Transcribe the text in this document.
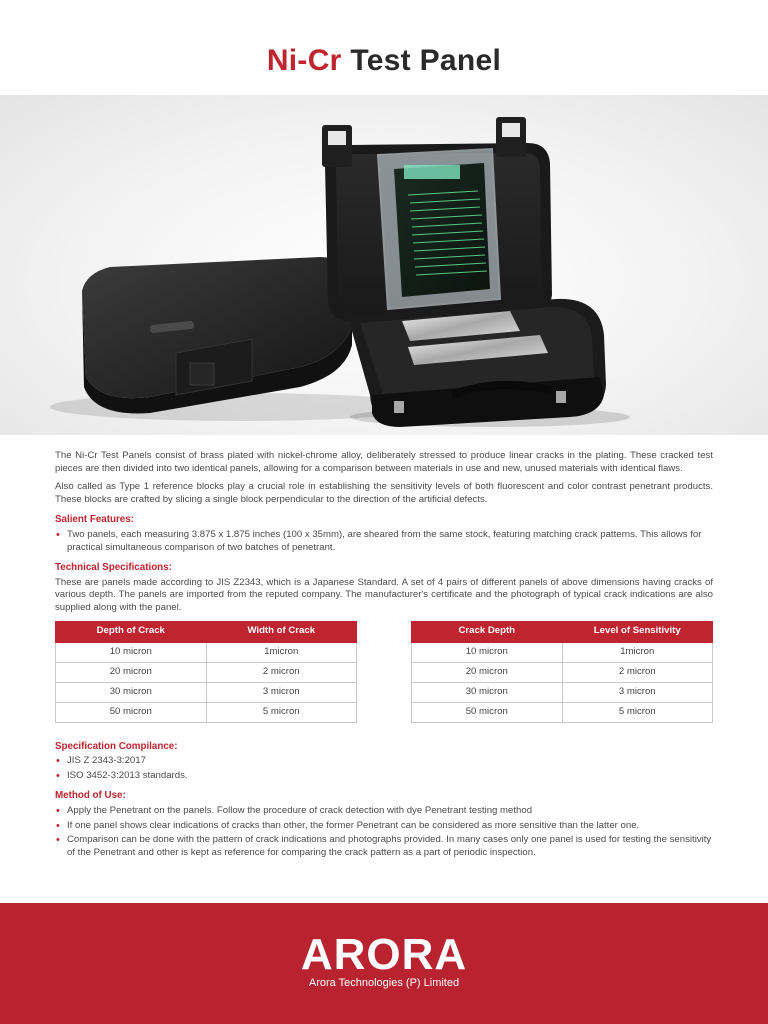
Ni-Cr Test Panel

The Ni-Cr Test Panels consist of brass plated with nickel-chrome alloy, deliberately stressed to produce linear cracks in the plating. These cracked test pieces are then divided into two identical panels, allowing for a comparison between materials in use and new, unused materials with identical flaws.

Also called as Type 1 reference blocks play a crucial role in establishing the sensitivity levels of both fluorescent and color contrast penetrant products. These blocks are crafted by slicing a single block perpendicular to the direction of the artificial defects.

Salient Features:
• Two panels, each measuring 3.875 x 1.875 inches (100 x 35mm), are sheared from the same stock, featuring matching crack patterns. This allows for practical simultaneous comparison of two batches of penetrant.
Technical Specifications:

These are panels made according to JIS Z2343, which is a Japanese Standard. A set of 4 pairs of different panels of above dimensions having cracks of various depth. The panels are imported from the reputed company. The manufacturer's certificate and the photograph of typical crack indications are also supplied along with the panel.

Depth of Crack	Width of Crack
10 micron	1micron
20 micron	2 micron
30 micron	3 micron
50 micron	5 micron
Crack Depth	Level of Sensitivity
10 micron	1micron
20 micron	2 micron
30 micron	3 micron
50 micron	5 micron
Specification Compilance:
• JIS Z 2343-3:2017
• ISO 3452-3:2013 standards.
Method of Use:
• Apply the Penetrant on the panels. Follow the procedure of crack detection with dye Penetrant testing method
• If one panel shows clear indications of cracks than other, the former Penetrant can be considered as more sensitive than the latter one.
• Comparison can be done with the pattern of crack indications and photographs provided. In many cases only one panel is used for testing the sensitivity of the Penetrant and other is kept as reference for comparing the crack pattern as a part of periodic inspection.
ARORA
Arora Technologies (P) Limited
